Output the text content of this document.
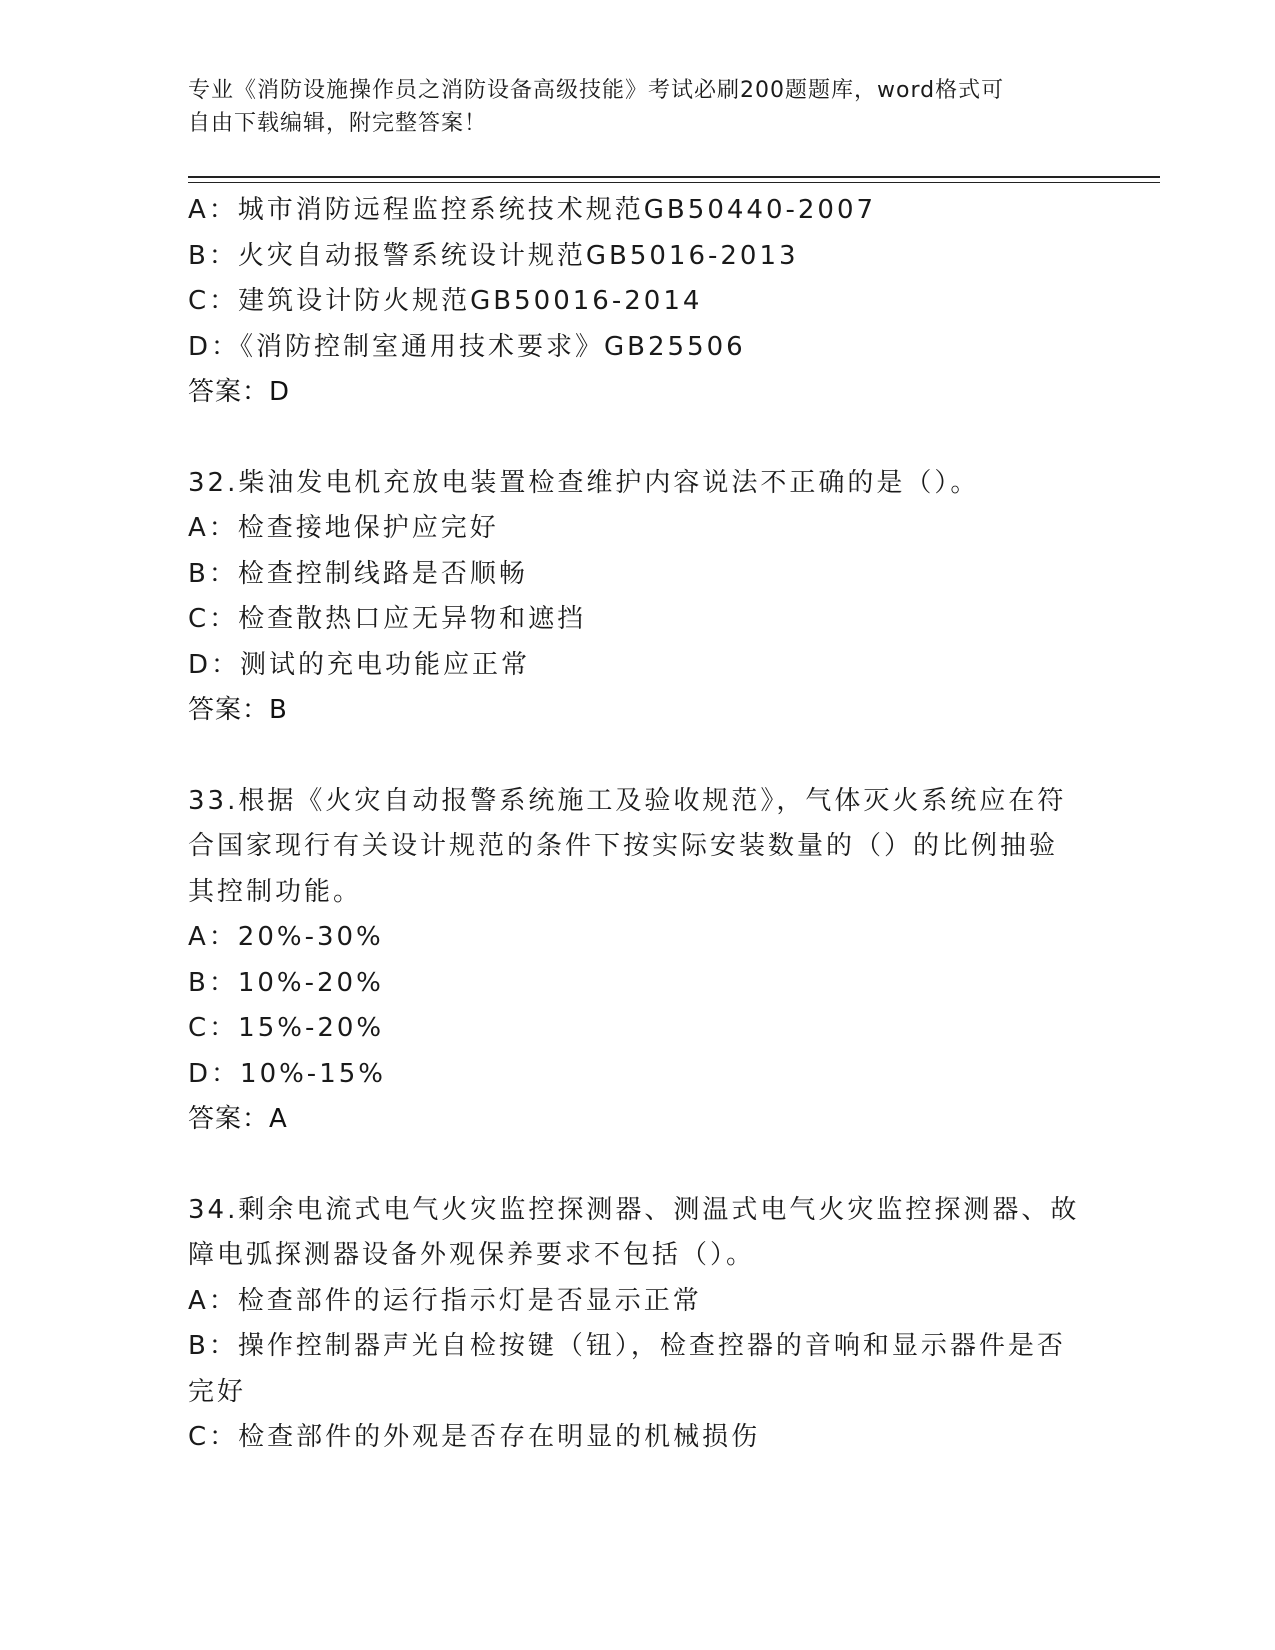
专业《消防设施操作员之消防设备高级技能》考试必刷200题题库，word格式可
自由下载编辑，附完整答案！
A：城市消防远程监控系统技术规范GB50440-2007
B：火灾自动报警系统设计规范GB5016-2013
C：建筑设计防火规范GB50016-2014
D：《消防控制室通用技术要求》GB25506
答案：D
32.柴油发电机充放电装置检查维护内容说法不正确的是（）。
A：检查接地保护应完好
B：检查控制线路是否顺畅
C：检查散热口应无异物和遮挡
D：测试的充电功能应正常
答案：B
33.根据《火灾自动报警系统施工及验收规范》，气体灭火系统应在符
合国家现行有关设计规范的条件下按实际安装数量的（）的比例抽验
其控制功能。
A：20%-30%
B：10%-20%
C：15%-20%
D：10%-15%
答案：A
34.剩余电流式电气火灾监控探测器、测温式电气火灾监控探测器、故
障电弧探测器设备外观保养要求不包括（）。
A：检查部件的运行指示灯是否显示正常
B：操作控制器声光自检按键（钮），检查控器的音响和显示器件是否
完好
C：检查部件的外观是否存在明显的机械损伤
